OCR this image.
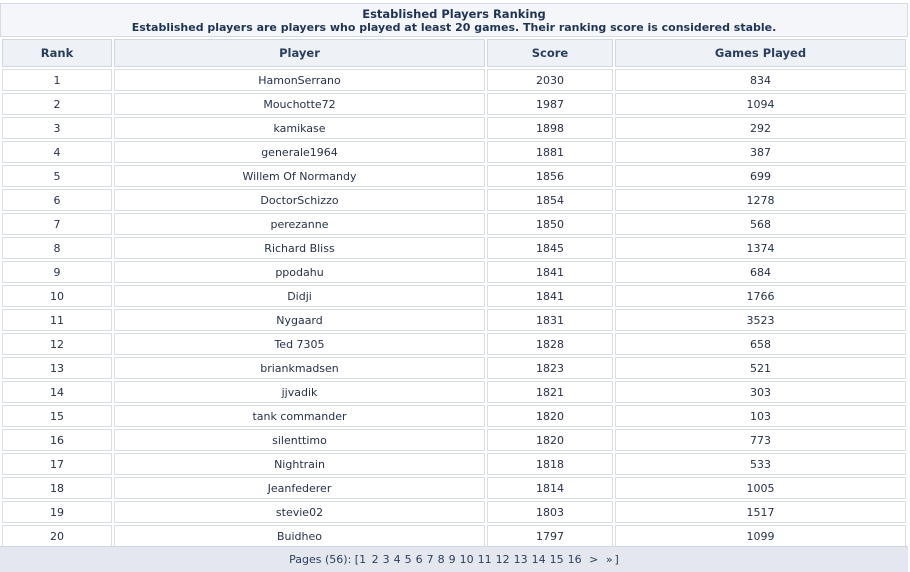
Established Players Ranking
Established players are players who played at least 20 games. Their ranking score is considered stable.
Rank	Player	Score	Games Played
1	HamonSerrano	2030	834
2	Mouchotte72	1987	1094
3	kamikase	1898	292
4	generale1964	1881	387
5	Willem Of Normandy	1856	699
6	DoctorSchizzo	1854	1278
7	perezanne	1850	568
8	Richard Bliss	1845	1374
9	ppodahu	1841	684
10	Didji	1841	1766
11	Nygaard	1831	3523
12	Ted 7305	1828	658
13	briankmadsen	1823	521
14	jjvadik	1821	303
15	tank commander	1820	103
16	silenttimo	1820	773
17	Nightrain	1818	533
18	Jeanfederer	1814	1005
19	stevie02	1803	1517
20	Buidheo	1797	1099
Pages (56): [1 2 3 4 5 6 7 8 9 10 11 12 13 14 15 16 > » ]
